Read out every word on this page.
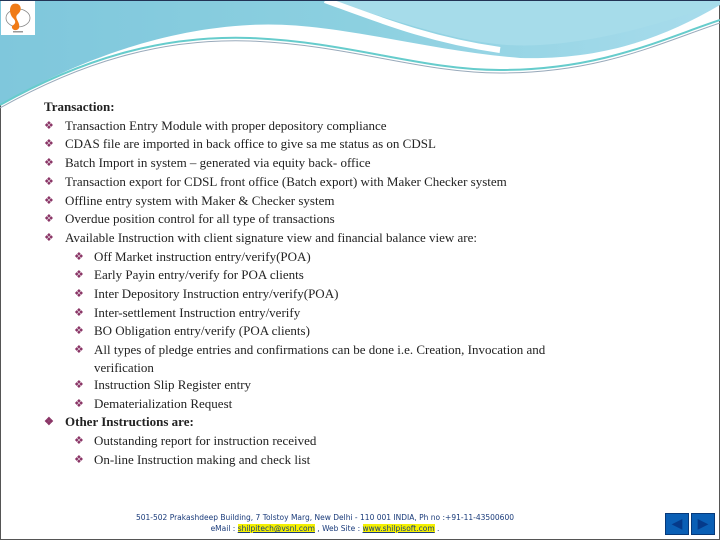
Transaction:
❖ Transaction Entry Module with proper depository compliance
❖ CDAS file are imported in back office to give sa me status as on CDSL
❖ Batch Import in system – generated via equity back- office
❖ Transaction export for CDSL front office (Batch export) with Maker Checker system
❖ Offline entry system with Maker & Checker system
❖ Overdue position control for all type of transactions
❖ Available Instruction with client signature view and financial balance view are:
❖ Off Market instruction entry/verify(POA)
❖ Early Payin entry/verify for POA clients
❖ Inter Depository Instruction entry/verify(POA)
❖ Inter-settlement Instruction entry/verify
❖ BO Obligation entry/verify (POA clients)
❖ All types of pledge entries and confirmations can be done i.e. Creation, Invocation and
verification
❖ Instruction Slip Register entry
❖ Dematerialization Request
❖ Other Instructions are:
❖ Outstanding report for instruction received
❖ On-line Instruction making and check list
501-502 Prakashdeep Building, 7 Tolstoy Marg, New Delhi - 110 001 INDIA, Ph no :+91-11-43500600
eMail : shilpitech@vsnl.com , Web Site : www.shilpisoft.com .	◀ ▶
